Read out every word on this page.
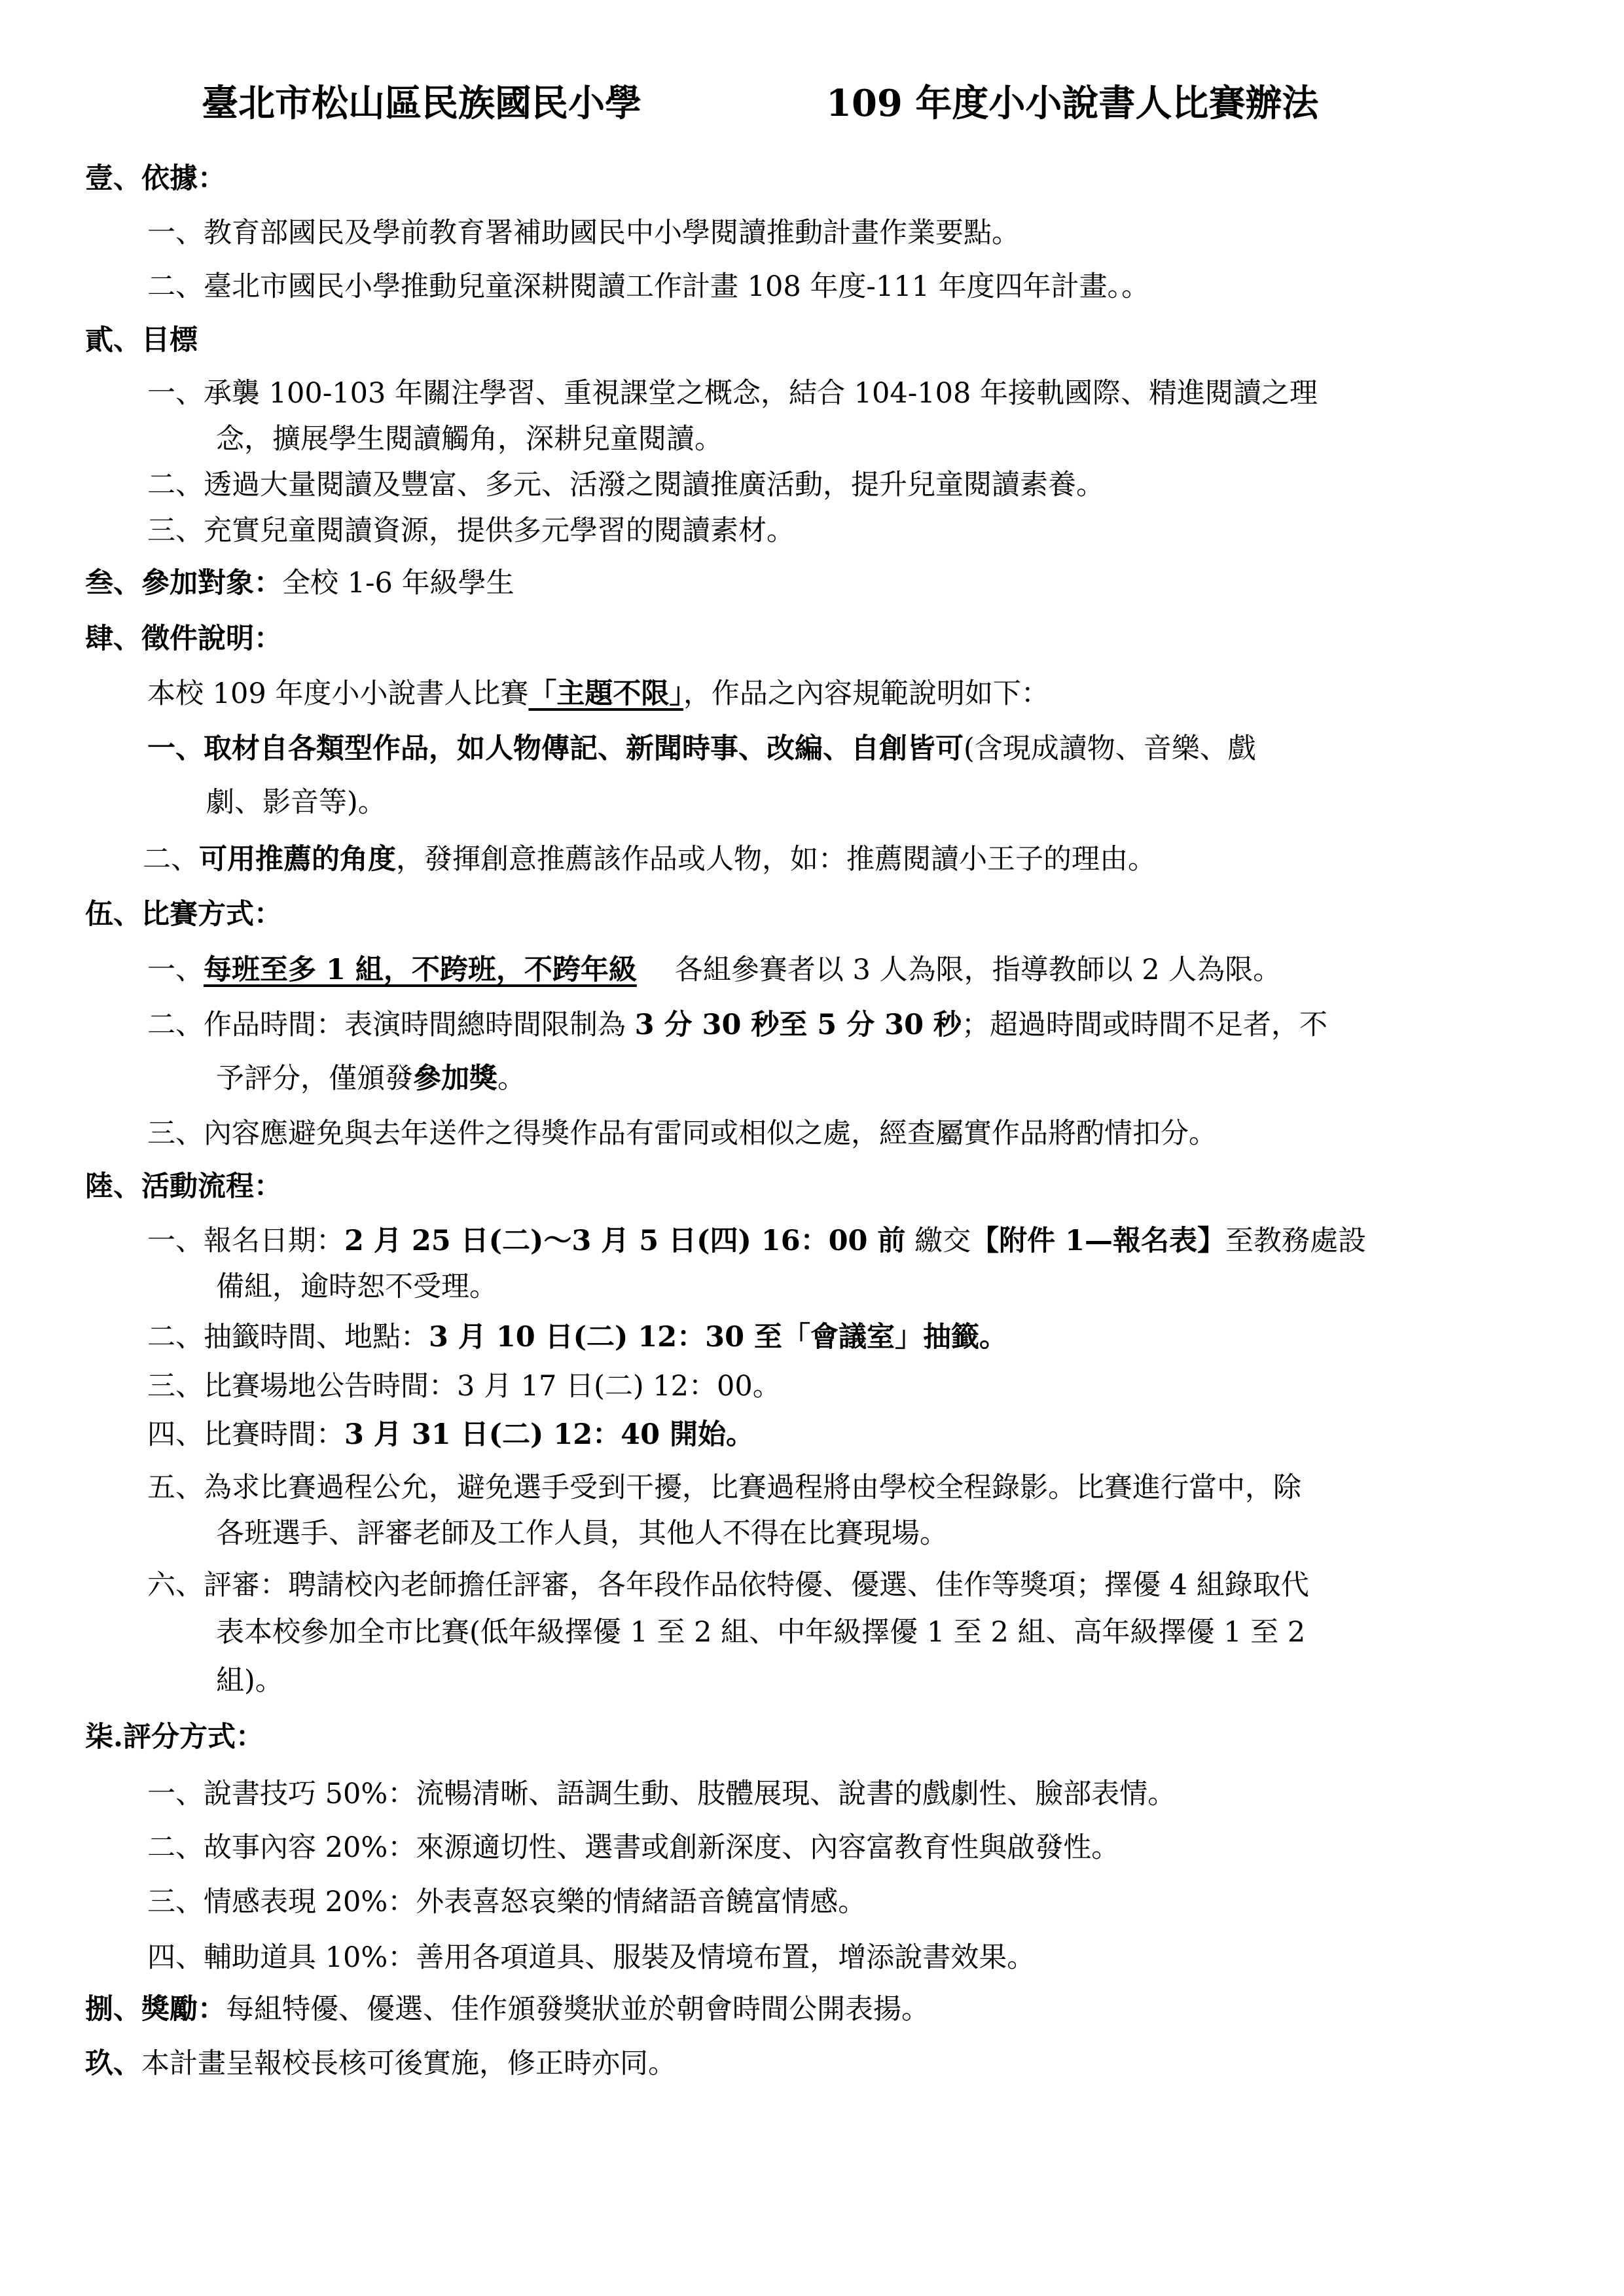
臺北市松山區民族國民小學	109 年度小小說書人比賽辦法
壹、依據：
一、教育部國民及學前教育署補助國民中小學閱讀推動計畫作業要點。
二、臺北市國民小學推動兒童深耕閱讀工作計畫 108 年度-111 年度四年計畫。。
貳、目標
一、承襲 100-103 年關注學習、重視課堂之概念，結合 104-108 年接軌國際、精進閱讀之理
念，擴展學生閱讀觸角，深耕兒童閱讀。
二、透過大量閱讀及豐富、多元、活潑之閱讀推廣活動，提升兒童閱讀素養。
三、充實兒童閱讀資源，提供多元學習的閱讀素材。
叁、參加對象：全校 1-6 年級學生
肆、徵件說明：
本校 109 年度小小說書人比賽「主題不限」，作品之內容規範說明如下：
一、取材自各類型作品，如人物傳記、新聞時事、改編、自創皆可(含現成讀物、音樂、戲
劇、影音等)。
二、可用推薦的角度，發揮創意推薦該作品或人物，如：推薦閱讀小王子的理由。
伍、比賽方式：
一、每班至多 1 組，不跨班，不跨年級 各組參賽者以 3 人為限，指導教師以 2 人為限。
二、作品時間：表演時間總時間限制為 3 分 30 秒至 5 分 30 秒；超過時間或時間不足者，不
予評分，僅頒發參加獎。
三、內容應避免與去年送件之得獎作品有雷同或相似之處，經查屬實作品將酌情扣分。
陸、活動流程：
一、報名日期：2 月 25 日(二)～3 月 5 日(四) 16：00 前 繳交【附件 1—報名表】至教務處設
備組，逾時恕不受理。
二、抽籤時間、地點：3 月 10 日(二) 12：30 至「會議室」抽籤。
三、比賽場地公告時間：3 月 17 日(二) 12：00。
四、比賽時間：3 月 31 日(二) 12：40 開始。
五、為求比賽過程公允，避免選手受到干擾，比賽過程將由學校全程錄影。比賽進行當中，除
各班選手、評審老師及工作人員，其他人不得在比賽現場。
六、評審：聘請校內老師擔任評審，各年段作品依特優、優選、佳作等獎項；擇優 4 組錄取代
表本校參加全市比賽(低年級擇優 1 至 2 組、中年級擇優 1 至 2 組、高年級擇優 1 至 2
組)。
柒.評分方式：
一、說書技巧 50%：流暢清晰、語調生動、肢體展現、說書的戲劇性、臉部表情。
二、故事內容 20%：來源適切性、選書或創新深度、內容富教育性與啟發性。
三、情感表現 20%：外表喜怒哀樂的情緒語音饒富情感。
四、輔助道具 10%：善用各項道具、服裝及情境布置，增添說書效果。
捌、獎勵：每組特優、優選、佳作頒發獎狀並於朝會時間公開表揚。
玖、本計畫呈報校長核可後實施，修正時亦同。
